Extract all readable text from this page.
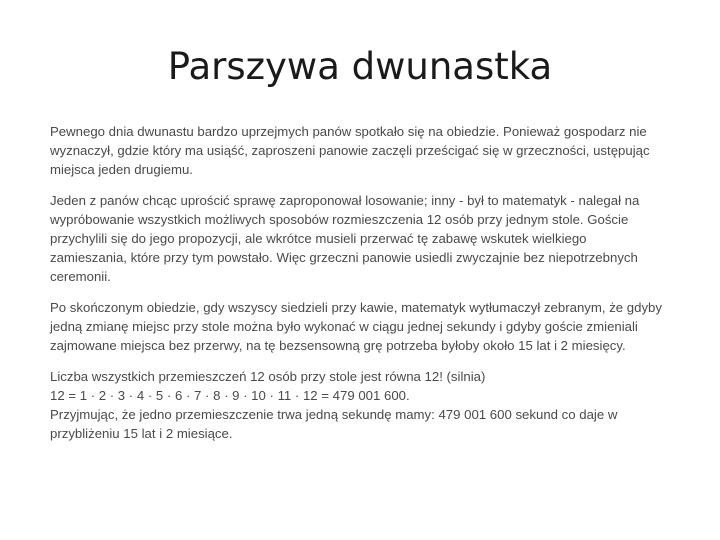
Parszywa dwunastka

Pewnego dnia dwunastu bardzo uprzejmych panów spotkało się na obiedzie. Ponieważ gospodarz nie
wyznaczył, gdzie który ma usiąść, zaproszeni panowie zaczęli prześcigać się w grzeczności, ustępując
miejsca jeden drugiemu.

Jeden z panów chcąc uprościć sprawę zaproponował losowanie; inny - był to matematyk - nalegał na
wypróbowanie wszystkich możliwych sposobów rozmieszczenia 12 osób przy jednym stole. Goście
przychylili się do jego propozycji, ale wkrótce musieli przerwać tę zabawę wskutek wielkiego
zamieszania, które przy tym powstało. Więc grzeczni panowie usiedli zwyczajnie bez niepotrzebnych
ceremonii.

Po skończonym obiedzie, gdy wszyscy siedzieli przy kawie, matematyk wytłumaczył zebranym, że gdyby
jedną zmianę miejsc przy stole można było wykonać w ciągu jednej sekundy i gdyby goście zmieniali
zajmowane miejsca bez przerwy, na tę bezsensowną grę potrzeba byłoby około 15 lat i 2 miesięcy.

Liczba wszystkich przemieszczeń 12 osób przy stole jest równa 12! (silnia)
12 = 1 · 2 · 3 · 4 · 5 · 6 · 7 · 8 · 9 · 10 · 11 · 12 = 479 001 600.
Przyjmując, że jedno przemieszczenie trwa jedną sekundę mamy: 479 001 600 sekund co daje w
przybliżeniu 15 lat i 2 miesiące.
